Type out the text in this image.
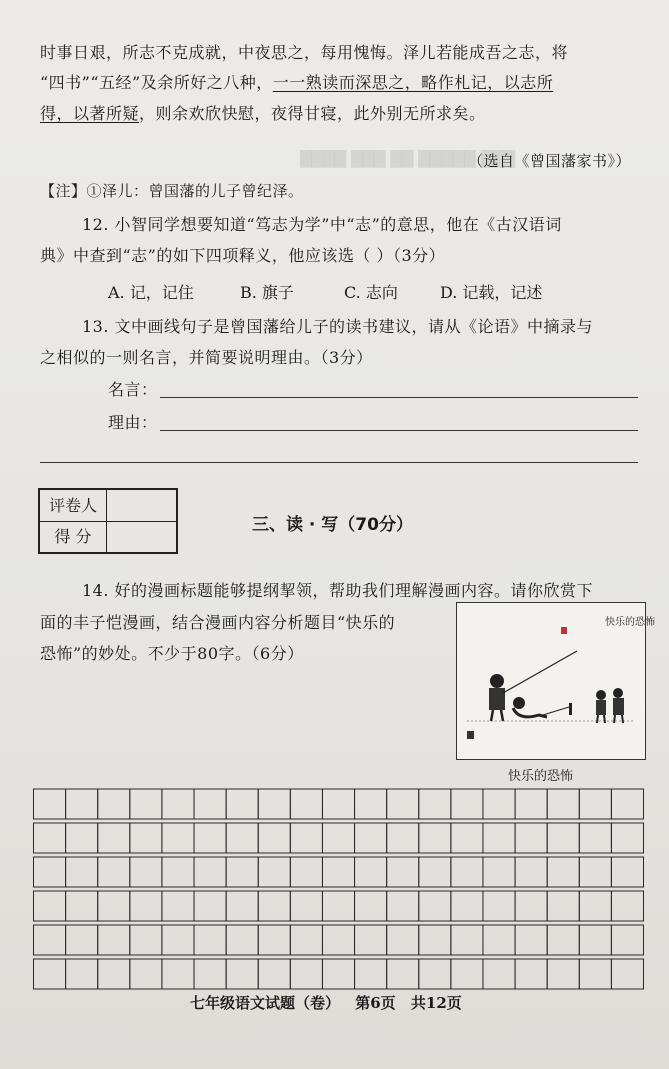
████ ███ ██ █████ ███
时事日艰，所志不克成就，中夜思之，每用愧悔。泽儿若能成吾之志，将
“四书”“五经”及余所好之八种，一一熟读而深思之，略作札记，以志所
得，以著所疑，则余欢欣快慰，夜得甘寝，此外别无所求矣。
（选自《曾国藩家书》）
【注】①泽儿：曾国藩的儿子曾纪泽。
12. 小智同学想要知道“笃志为学”中“志”的意思，他在《古汉语词
典》中查到“志”的如下四项释义，他应该选（ ）（3分）
A. 记，记住	B. 旗子	C. 志向	D. 记载，记述
13. 文中画线句子是曾国藩给儿子的读书建议，请从《论语》中摘录与
之相似的一则名言，并简要说明理由。（3分）
名言：
理由：
评卷人
得 分
三、读 · 写（70分）
14. 好的漫画标题能够提纲挈领，帮助我们理解漫画内容。请你欣赏下
面的丰子恺漫画，结合漫画内容分析题目“快乐的
恐怖”的妙处。不少于80字。（6分）
快乐的恐怖
快乐的恐怖
七年级语文试题（卷） 第6页 共12页
